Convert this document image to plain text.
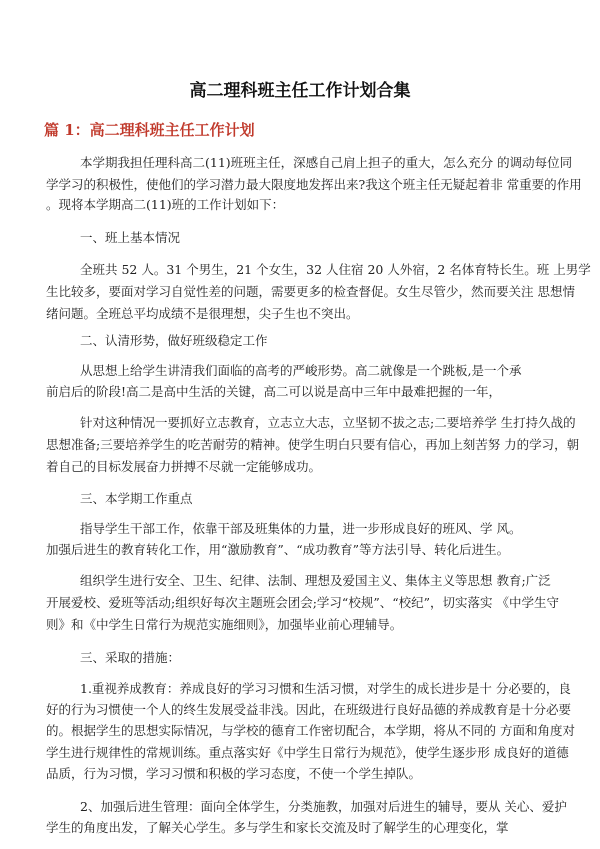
高二理科班主任工作计划合集
篇 1：高二理科班主任工作计划
本学期我担任理科高二(11)班班主任，深感自己肩上担子的重大，怎么充分 的调动每位同
学学习的积极性，使他们的学习潜力最大限度地发挥出来?我这个班主任无疑起着非 常重要的作用
。现将本学期高二(11)班的工作计划如下：
一、班上基本情况
全班共 52 人。31 个男生，21 个女生，32 人住宿 20 人外宿，2 名体育特长生。班 上男学
生比较多，要面对学习自觉性差的问题，需要更多的检查督促。女生尽管少，然而要关注 思想情
绪问题。全班总平均成绩不是很理想，尖子生也不突出。
二、认清形势，做好班级稳定工作
从思想上给学生讲清我们面临的高考的严峻形势。高二就像是一个跳板,是一个承
前启后的阶段!高二是高中生活的关键，高二可以说是高中三年中最难把握的一年，
针对这种情况一要抓好立志教育，立志立大志，立坚韧不拔之志;二要培养学 生打持久战的
思想准备;三要培养学生的吃苦耐劳的精神。使学生明白只要有信心，再加上刻苦努 力的学习，朝
着自己的目标发展奋力拼搏不尽就一定能够成功。
三、本学期工作重点
指导学生干部工作，依靠干部及班集体的力量，进一步形成良好的班风、学 风。
加强后进生的教育转化工作，用“激励教育”、“成功教育”等方法引导、转化后进生。
组织学生进行安全、卫生、纪律、法制、理想及爱国主义、集体主义等思想 教育;广泛
开展爱校、爱班等活动;组织好每次主题班会团会;学习“校规”、“校纪”，切实落实 《中学生守
则》和《中学生日常行为规范实施细则》，加强毕业前心理辅导。
三、采取的措施：
1.重视养成教育：养成良好的学习习惯和生活习惯，对学生的成长进步是十 分必要的，良
好的行为习惯使一个人的终生发展受益非浅。因此，在班级进行良好品德的养成教育是十分必要
的。根据学生的思想实际情况，与学校的德育工作密切配合，本学期，将从不同的 方面和角度对
学生进行规律性的常规训练。重点落实好《中学生日常行为规范》，使学生逐步形 成良好的道德
品质，行为习惯，学习习惯和积极的学习态度，不使一个学生掉队。
2、加强后进生管理：面向全体学生，分类施教，加强对后进生的辅导，要从 关心、爱护
学生的角度出发，了解关心学生。多与学生和家长交流及时了解学生的心理变化，掌
